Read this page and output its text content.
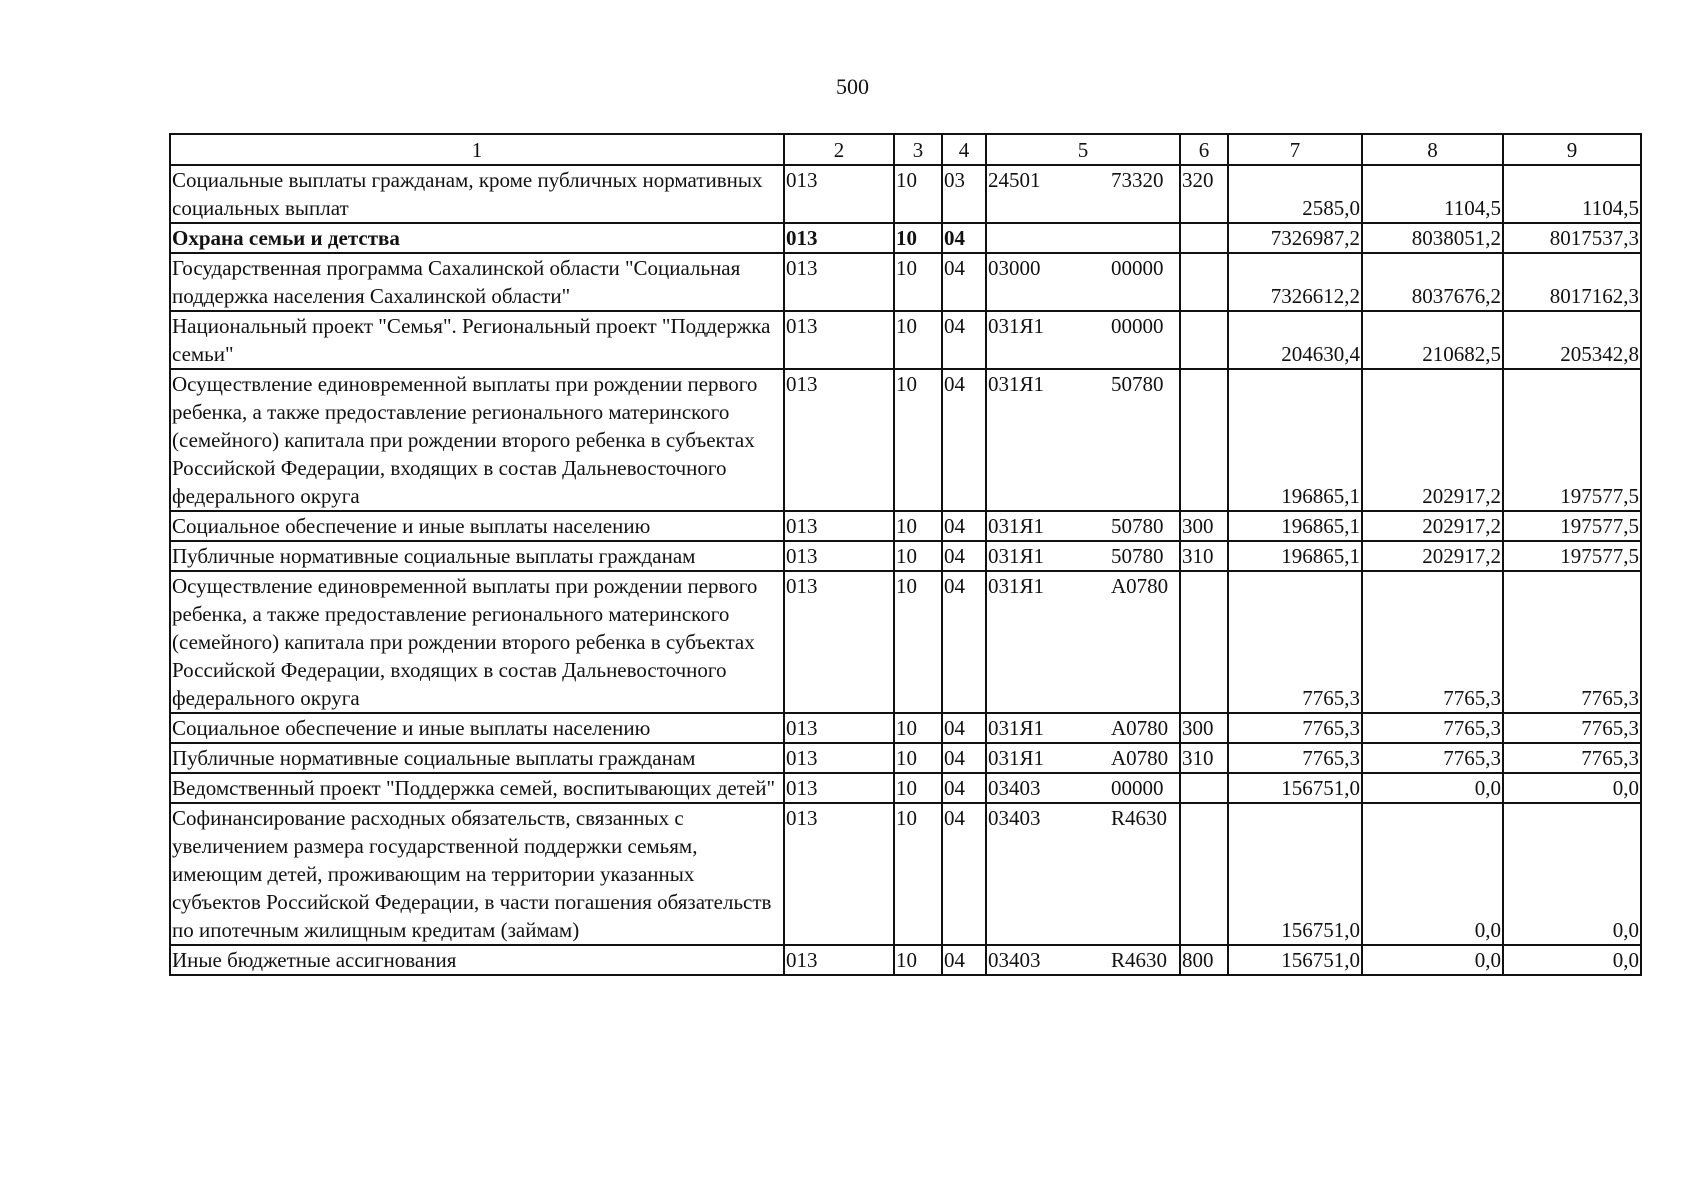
500
1	2	3	4	5	6	7	8	9
Социальные выплаты гражданам, кроме публичных нормативных социальных выплат	013	10	03	24501 73320	320	2585,0	1104,5	1104,5
Охрана семьи и детства	013	10	04			7326987,2	8038051,2	8017537,3
Государственная программа Сахалинской области "Социальная поддержка населения Сахалинской области"	013	10	04	03000 00000		7326612,2	8037676,2	8017162,3
Национальный проект "Семья". Региональный проект "Поддержка семьи"	013	10	04	031Я1 00000		204630,4	210682,5	205342,8
Осуществление единовременной выплаты при рождении первого ребенка, а также предоставление регионального материнского (семейного) капитала при рождении второго ребенка в субъектах Российской Федерации, входящих в состав Дальневосточного федерального округа	013	10	04	031Я1 50780		196865,1	202917,2	197577,5
Социальное обеспечение и иные выплаты населению	013	10	04	031Я1 50780	300	196865,1	202917,2	197577,5
Публичные нормативные социальные выплаты гражданам	013	10	04	031Я1 50780	310	196865,1	202917,2	197577,5
Осуществление единовременной выплаты при рождении первого ребенка, а также предоставление регионального материнского (семейного) капитала при рождении второго ребенка в субъектах Российской Федерации, входящих в состав Дальневосточного федерального округа	013	10	04	031Я1 A0780		7765,3	7765,3	7765,3
Социальное обеспечение и иные выплаты населению	013	10	04	031Я1 A0780	300	7765,3	7765,3	7765,3
Публичные нормативные социальные выплаты гражданам	013	10	04	031Я1 A0780	310	7765,3	7765,3	7765,3
Ведомственный проект "Поддержка семей, воспитывающих детей"	013	10	04	03403 00000		156751,0	0,0	0,0
Софинансирование расходных обязательств, связанных с увеличением размера государственной поддержки семьям, имеющим детей, проживающим на территории указанных субъектов Российской Федерации, в части погашения обязательств по ипотечным жилищным кредитам (займам)	013	10	04	03403 R4630		156751,0	0,0	0,0
Иные бюджетные ассигнования	013	10	04	03403 R4630	800	156751,0	0,0	0,0
